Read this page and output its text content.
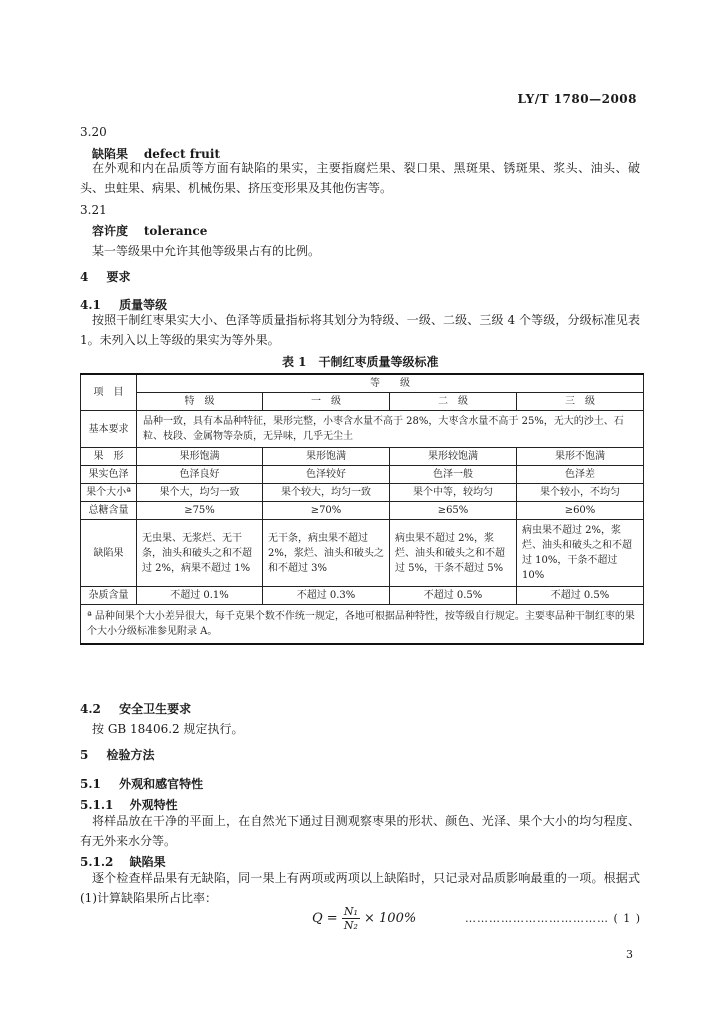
LY/T 1780—2008
3.20
缺陷果 defect fruit
在外观和内在品质等方面有缺陷的果实，主要指腐烂果、裂口果、黑斑果、锈斑果、浆头、油头、破头、虫蛀果、病果、机械伤果、挤压变形果及其他伤害等。
3.21
容许度 tolerance
某一等级果中允许其他等级果占有的比例。
4 要求
4.1 质量等级
按照干制红枣果实大小、色泽等质量指标将其划分为特级、一级、二级、三级 4 个等级，分级标准见表 1。未列入以上等级的果实为等外果。
表 1　干制红枣质量等级标准
项　目	等　　级			
	特　级	一　级	二　级	三　级
基本要求	品种一致，具有本品种特征，果形完整，小枣含水量不高于 28%，大枣含水量不高于 25%，无大的沙土、石粒、枝段、金属物等杂质，无异味，几乎无尘土			
果　形	果形饱满	果形饱满	果形较饱满	果形不饱满
果实色泽	色泽良好	色泽较好	色泽一般	色泽差
果个大小ª	果个大，均匀一致	果个较大，均匀一致	果个中等，较均匀	果个较小，不均匀
总糖含量	≥75%	≥70%	≥65%	≥60%
缺陷果	无虫果、无浆烂、无干条，油头和破头之和不超过 2%，病果不超过 1%	无干条，病虫果不超过 2%，浆烂、油头和破头之和不超过 3%	病虫果不超过 2%，浆烂、油头和破头之和不超过 5%，干条不超过 5%	病虫果不超过 2%，浆烂、油头和破头之和不超过 10%，干条不超过 10%
杂质含量	不超过 0.1%	不超过 0.3%	不超过 0.5%	不超过 0.5%
ª 品种间果个大小差异很大，每千克果个数不作统一规定，各地可根据品种特性，按等级自行规定。主要枣品种干制红枣的果个大小分级标准参见附录 A。				
4.2 安全卫生要求
按 GB 18406.2 规定执行。
5 检验方法
5.1 外观和感官特性
5.1.1 外观特性
将样品放在干净的平面上，在自然光下通过目测观察枣果的形状、颜色、光泽、果个大小的均匀程度、有无外来水分等。
5.1.2 缺陷果
逐个检查样品果有无缺陷，同一果上有两项或两项以上缺陷时，只记录对品质影响最重的一项。根据式(1)计算缺陷果所占比率：
$Q = \frac{\text{N₁}}{\text{N₂}} \times 100\%$	……………………………… ( 1 )
3
